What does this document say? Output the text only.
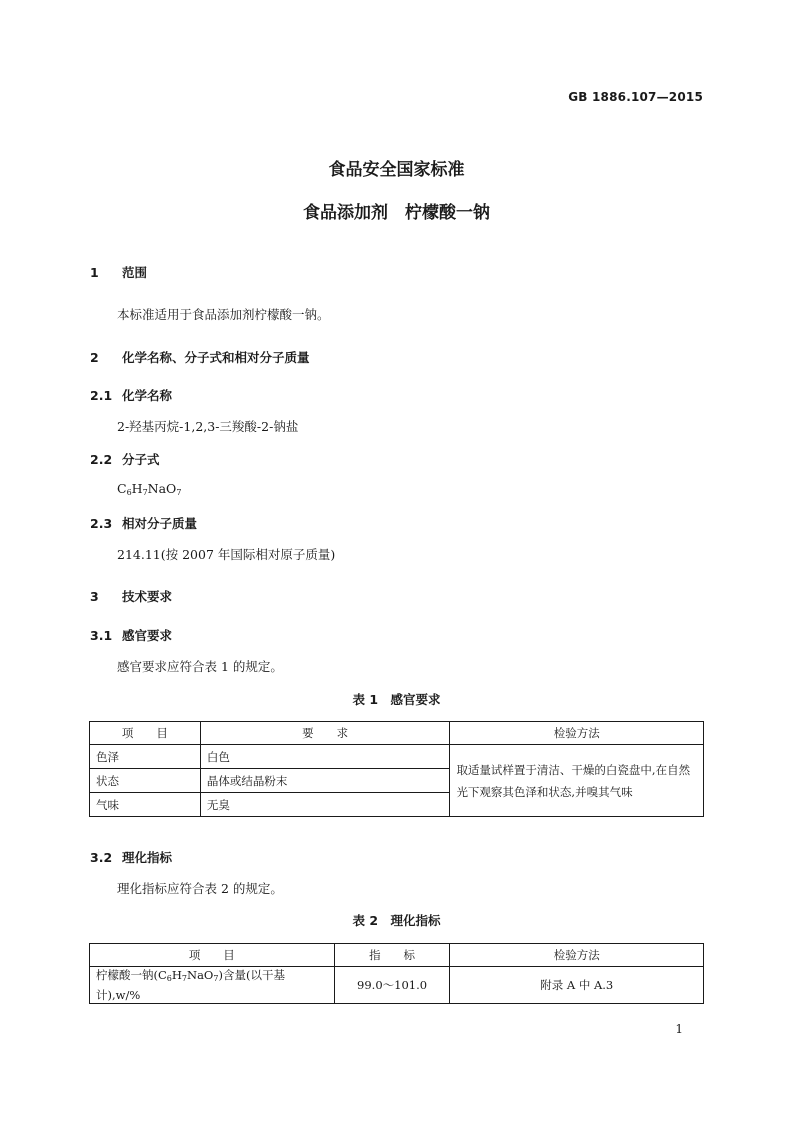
GB 1886.107—2015
食品安全国家标准
食品添加剂　柠檬酸一钠
1 范围
本标准适用于食品添加剂柠檬酸一钠。
2 化学名称、分子式和相对分子质量
2.1 化学名称
2-羟基丙烷-1,2,3-三羧酸-2-钠盐
2.2 分子式
$C_6H_7NaO_7$
2.3 相对分子质量
214.11(按 2007 年国际相对原子质量)
3 技术要求
3.1 感官要求
感官要求应符合表 1 的规定。
表 1　感官要求
项　　目	要　　求	检验方法
色泽	白色	取适量试样置于清洁、干燥的白瓷盘中,在自然光下观察其色泽和状态,并嗅其气味
状态	晶体或结晶粉末	
气味	无臭	
3.2 理化指标
理化指标应符合表 2 的规定。
表 2　理化指标
项　　目	指　　标	检验方法
柠檬酸一钠$(C_6H_7NaO_7)$含量(以干基计),w/%	99.0～101.0	附录 A 中 A.3
1
